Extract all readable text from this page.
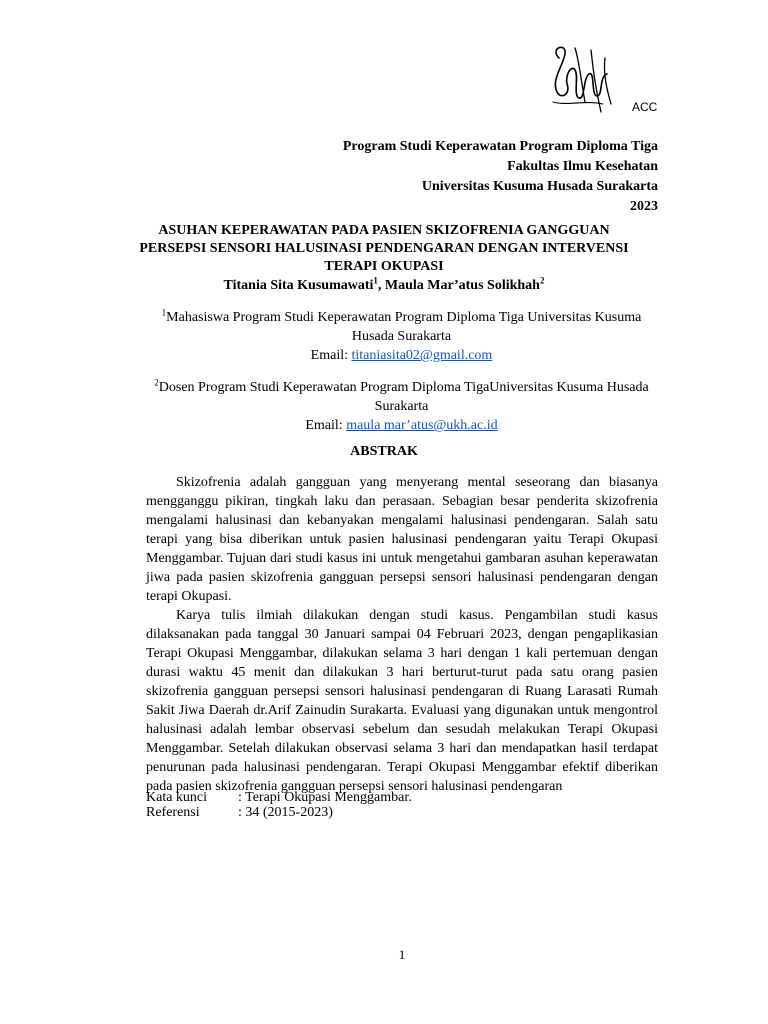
ACC
Program Studi Keperawatan Program Diploma Tiga
Fakultas Ilmu Kesehatan
Universitas Kusuma Husada Surakarta
2023
ASUHAN KEPERAWATAN PADA PASIEN SKIZOFRENIA GANGGUAN
PERSEPSI SENSORI HALUSINASI PENDENGARAN DENGAN INTERVENSI
TERAPI OKUPASI
Titania Sita Kusumawati$^1$, Maula Mar’atus Solikhah$^2$
$^1$Mahasiswa Program Studi Keperawatan Program Diploma Tiga Universitas Kusuma
Husada Surakarta
Email: titaniasita02@gmail.com
$^2$Dosen Program Studi Keperawatan Program Diploma TigaUniversitas Kusuma Husada
Surakarta
Email: maula mar’atus@ukh.ac.id
ABSTRAK

Skizofrenia adalah gangguan yang menyerang mental seseorang dan biasanya mengganggu pikiran, tingkah laku dan perasaan. Sebagian besar penderita skizofrenia mengalami halusinasi dan kebanyakan mengalami halusinasi pendengaran. Salah satu terapi yang bisa diberikan untuk pasien halusinasi pendengaran yaitu Terapi Okupasi Menggambar. Tujuan dari studi kasus ini untuk mengetahui gambaran asuhan keperawatan jiwa pada pasien skizofrenia gangguan persepsi sensori halusinasi pendengaran dengan terapi Okupasi.

Karya tulis ilmiah dilakukan dengan studi kasus. Pengambilan studi kasus dilaksanakan pada tanggal 30 Januari sampai 04 Februari 2023, dengan pengaplikasian Terapi Okupasi Menggambar, dilakukan selama 3 hari dengan 1 kali pertemuan dengan durasi waktu 45 menit dan dilakukan 3 hari berturut-turut pada satu orang pasien skizofrenia gangguan persepsi sensori halusinasi pendengaran di Ruang Larasati Rumah Sakit Jiwa Daerah dr.Arif Zainudin Surakarta. Evaluasi yang digunakan untuk mengontrol halusinasi adalah lembar observasi sebelum dan sesudah melakukan Terapi Okupasi Menggambar. Setelah dilakukan observasi selama 3 hari dan mendapatkan hasil terdapat penurunan pada halusinasi pendengaran. Terapi Okupasi Menggambar efektif diberikan pada pasien skizofrenia gangguan persepsi sensori halusinasi pendengaran

Kata kunci	: Terapi Okupasi Menggambar.
Referensi	: 34 (2015-2023)
1
